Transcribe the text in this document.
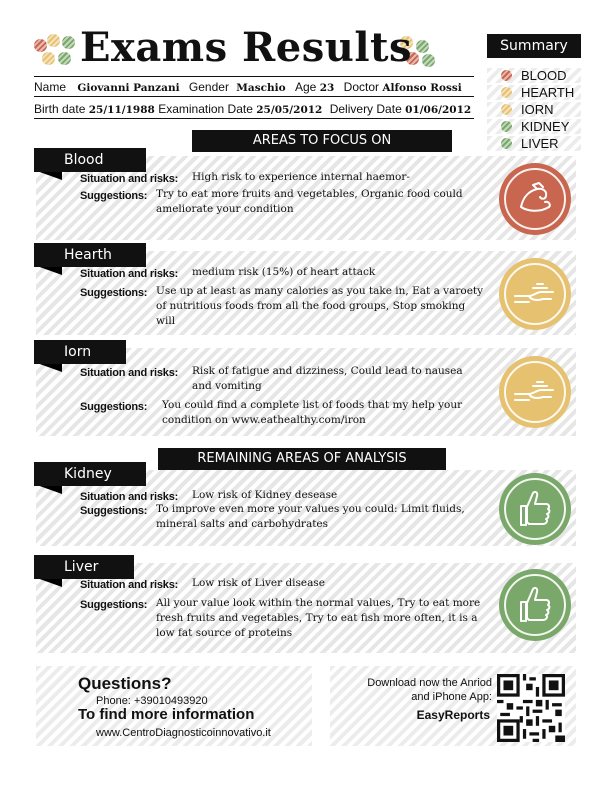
Exams Results
Name Giovanni Panzani Gender Maschio Age 23 Doctor Alfonso Rossi
Birth date 25/11/1988 Examination Date 25/05/2012 Delivery Date 01/06/2012
Summary
BLOOD
HEARTH
IORN
KIDNEY
LIVER
AREAS TO FOCUS ON
REMAINING AREAS OF ANALYSIS
Blood
Situation and risks: High risk to experience internal haemor-
Suggestions: Try to eat more fruits and vegetables, Organic food could ameliorate your condition
Hearth
Situation and risks: medium risk (15%) of heart attack
Suggestions: Use up at least as many calories as you take in, Eat a varoety of nutritious foods from all the food groups, Stop smoking will
Iorn
Situation and risks: Risk of fatigue and dizziness, Could lead to nausea and vomiting
Suggestions: You could find a complete list of foods that my help your condition on www.eathealthy.com/iron
Kidney
Situation and risks: Low risk of Kidney desease
Suggestions: To improve even more your values you could: Limit fluids, mineral salts and carbohydrates
Liver
Situation and risks: Low risk of Liver disease
Suggestions: All your value look within the normal values, Try to eat more fresh fruits and vegetables, Try to eat fish more often, it is a low fat source of proteins
Questions?
Phone: +39010493920
To find more information
www.CentroDiagnosticoinnovativo.it
Download now the Anriod
and iPhone App:
EasyReports
